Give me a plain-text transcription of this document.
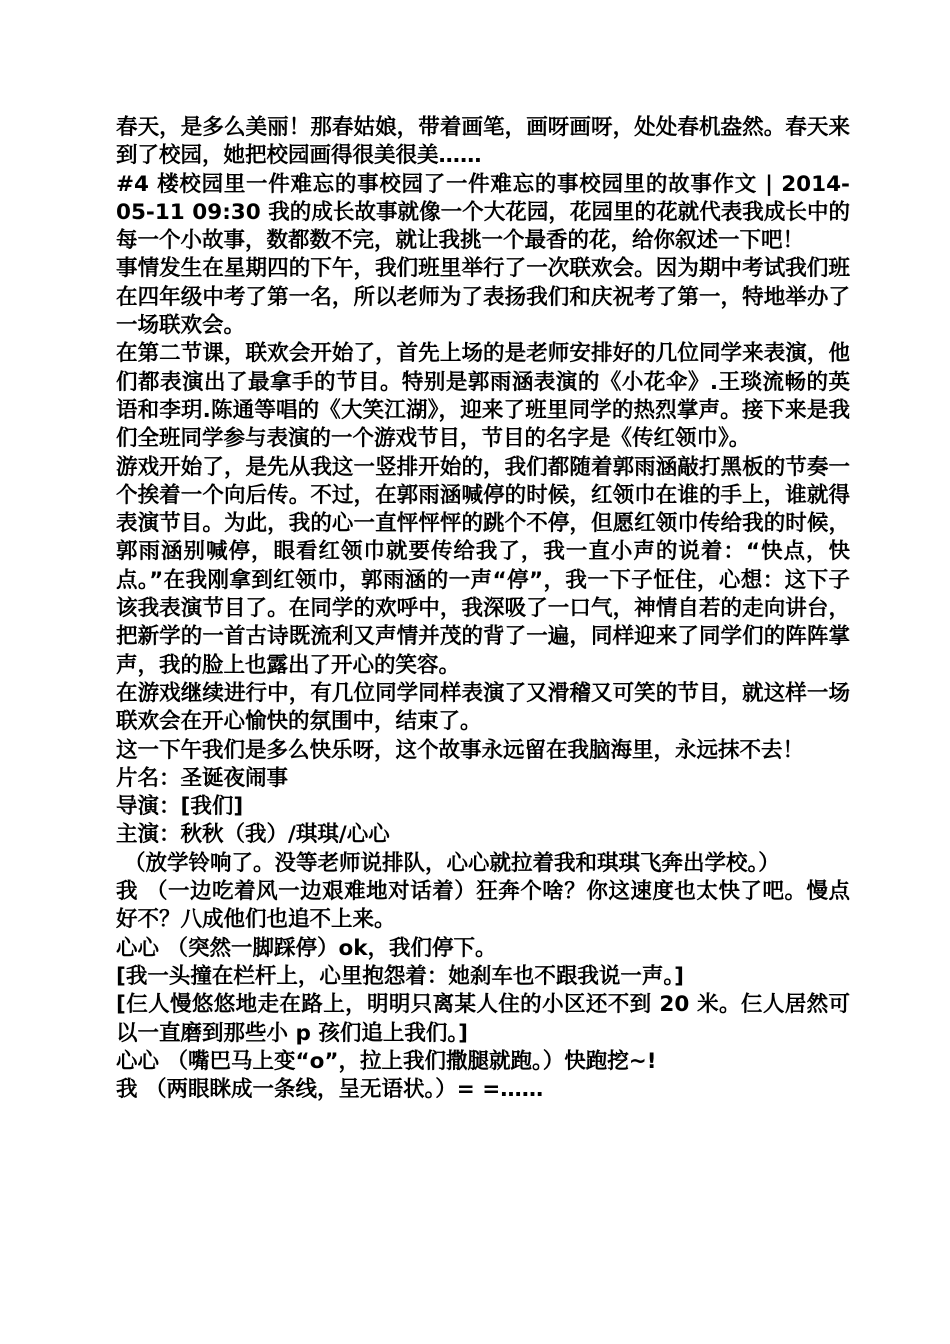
春天，是多么美丽！那春姑娘，带着画笔，画呀画呀，处处春机盎然。春天来到了校园，她把校园画得很美很美……

#4 楼校园里一件难忘的事校园了一件难忘的事校园里的故事作文 | 2014-05-11 09:30 我的成长故事就像一个大花园，花园里的花就代表我成长中的每一个小故事，数都数不完，就让我挑一个最香的花，给你叙述一下吧！

事情发生在星期四的下午，我们班里举行了一次联欢会。因为期中考试我们班在四年级中考了第一名，所以老师为了表扬我们和庆祝考了第一，特地举办了一场联欢会。

在第二节课，联欢会开始了，首先上场的是老师安排好的几位同学来表演，他们都表演出了最拿手的节目。特别是郭雨涵表演的《小花伞》.王琰流畅的英语和李玥.陈通等唱的《大笑江湖》，迎来了班里同学的热烈掌声。接下来是我们全班同学参与表演的一个游戏节目，节目的名字是《传红领巾》。

游戏开始了，是先从我这一竖排开始的，我们都随着郭雨涵敲打黑板的节奏一个挨着一个向后传。不过，在郭雨涵喊停的时候，红领巾在谁的手上，谁就得表演节目。为此，我的心一直怦怦怦的跳个不停，但愿红领巾传给我的时候，郭雨涵别喊停，眼看红领巾就要传给我了，我一直小声的说着：“快点，快点。”在我刚拿到红领巾，郭雨涵的一声“停”，我一下子怔住，心想：这下子该我表演节目了。在同学的欢呼中，我深吸了一口气，神情自若的走向讲台，把新学的一首古诗既流利又声情并茂的背了一遍，同样迎来了同学们的阵阵掌声，我的脸上也露出了开心的笑容。

在游戏继续进行中，有几位同学同样表演了又滑稽又可笑的节目，就这样一场联欢会在开心愉快的氛围中，结束了。

这一下午我们是多么快乐呀，这个故事永远留在我脑海里，永远抹不去！

片名：圣诞夜闹事

导演：[我们]

主演：秋秋（我）/琪琪/心心

（放学铃响了。没等老师说排队，心心就拉着我和琪琪飞奔出学校。）

我 （一边吃着风一边艰难地对话着）狂奔个啥？你这速度也太快了吧。慢点好不？八成他们也追不上来。

心心 （突然一脚踩停）ok，我们停下。

[我一头撞在栏杆上，心里抱怨着：她刹车也不跟我说一声。]

[仨人慢悠悠地走在路上，明明只离某人住的小区还不到 20 米。仨人居然可以一直磨到那些小 p 孩们追上我们。]

心心 （嘴巴马上变“o”，拉上我们撒腿就跑。）快跑挖~!

我 （两眼眯成一条线，呈无语状。）= =……
